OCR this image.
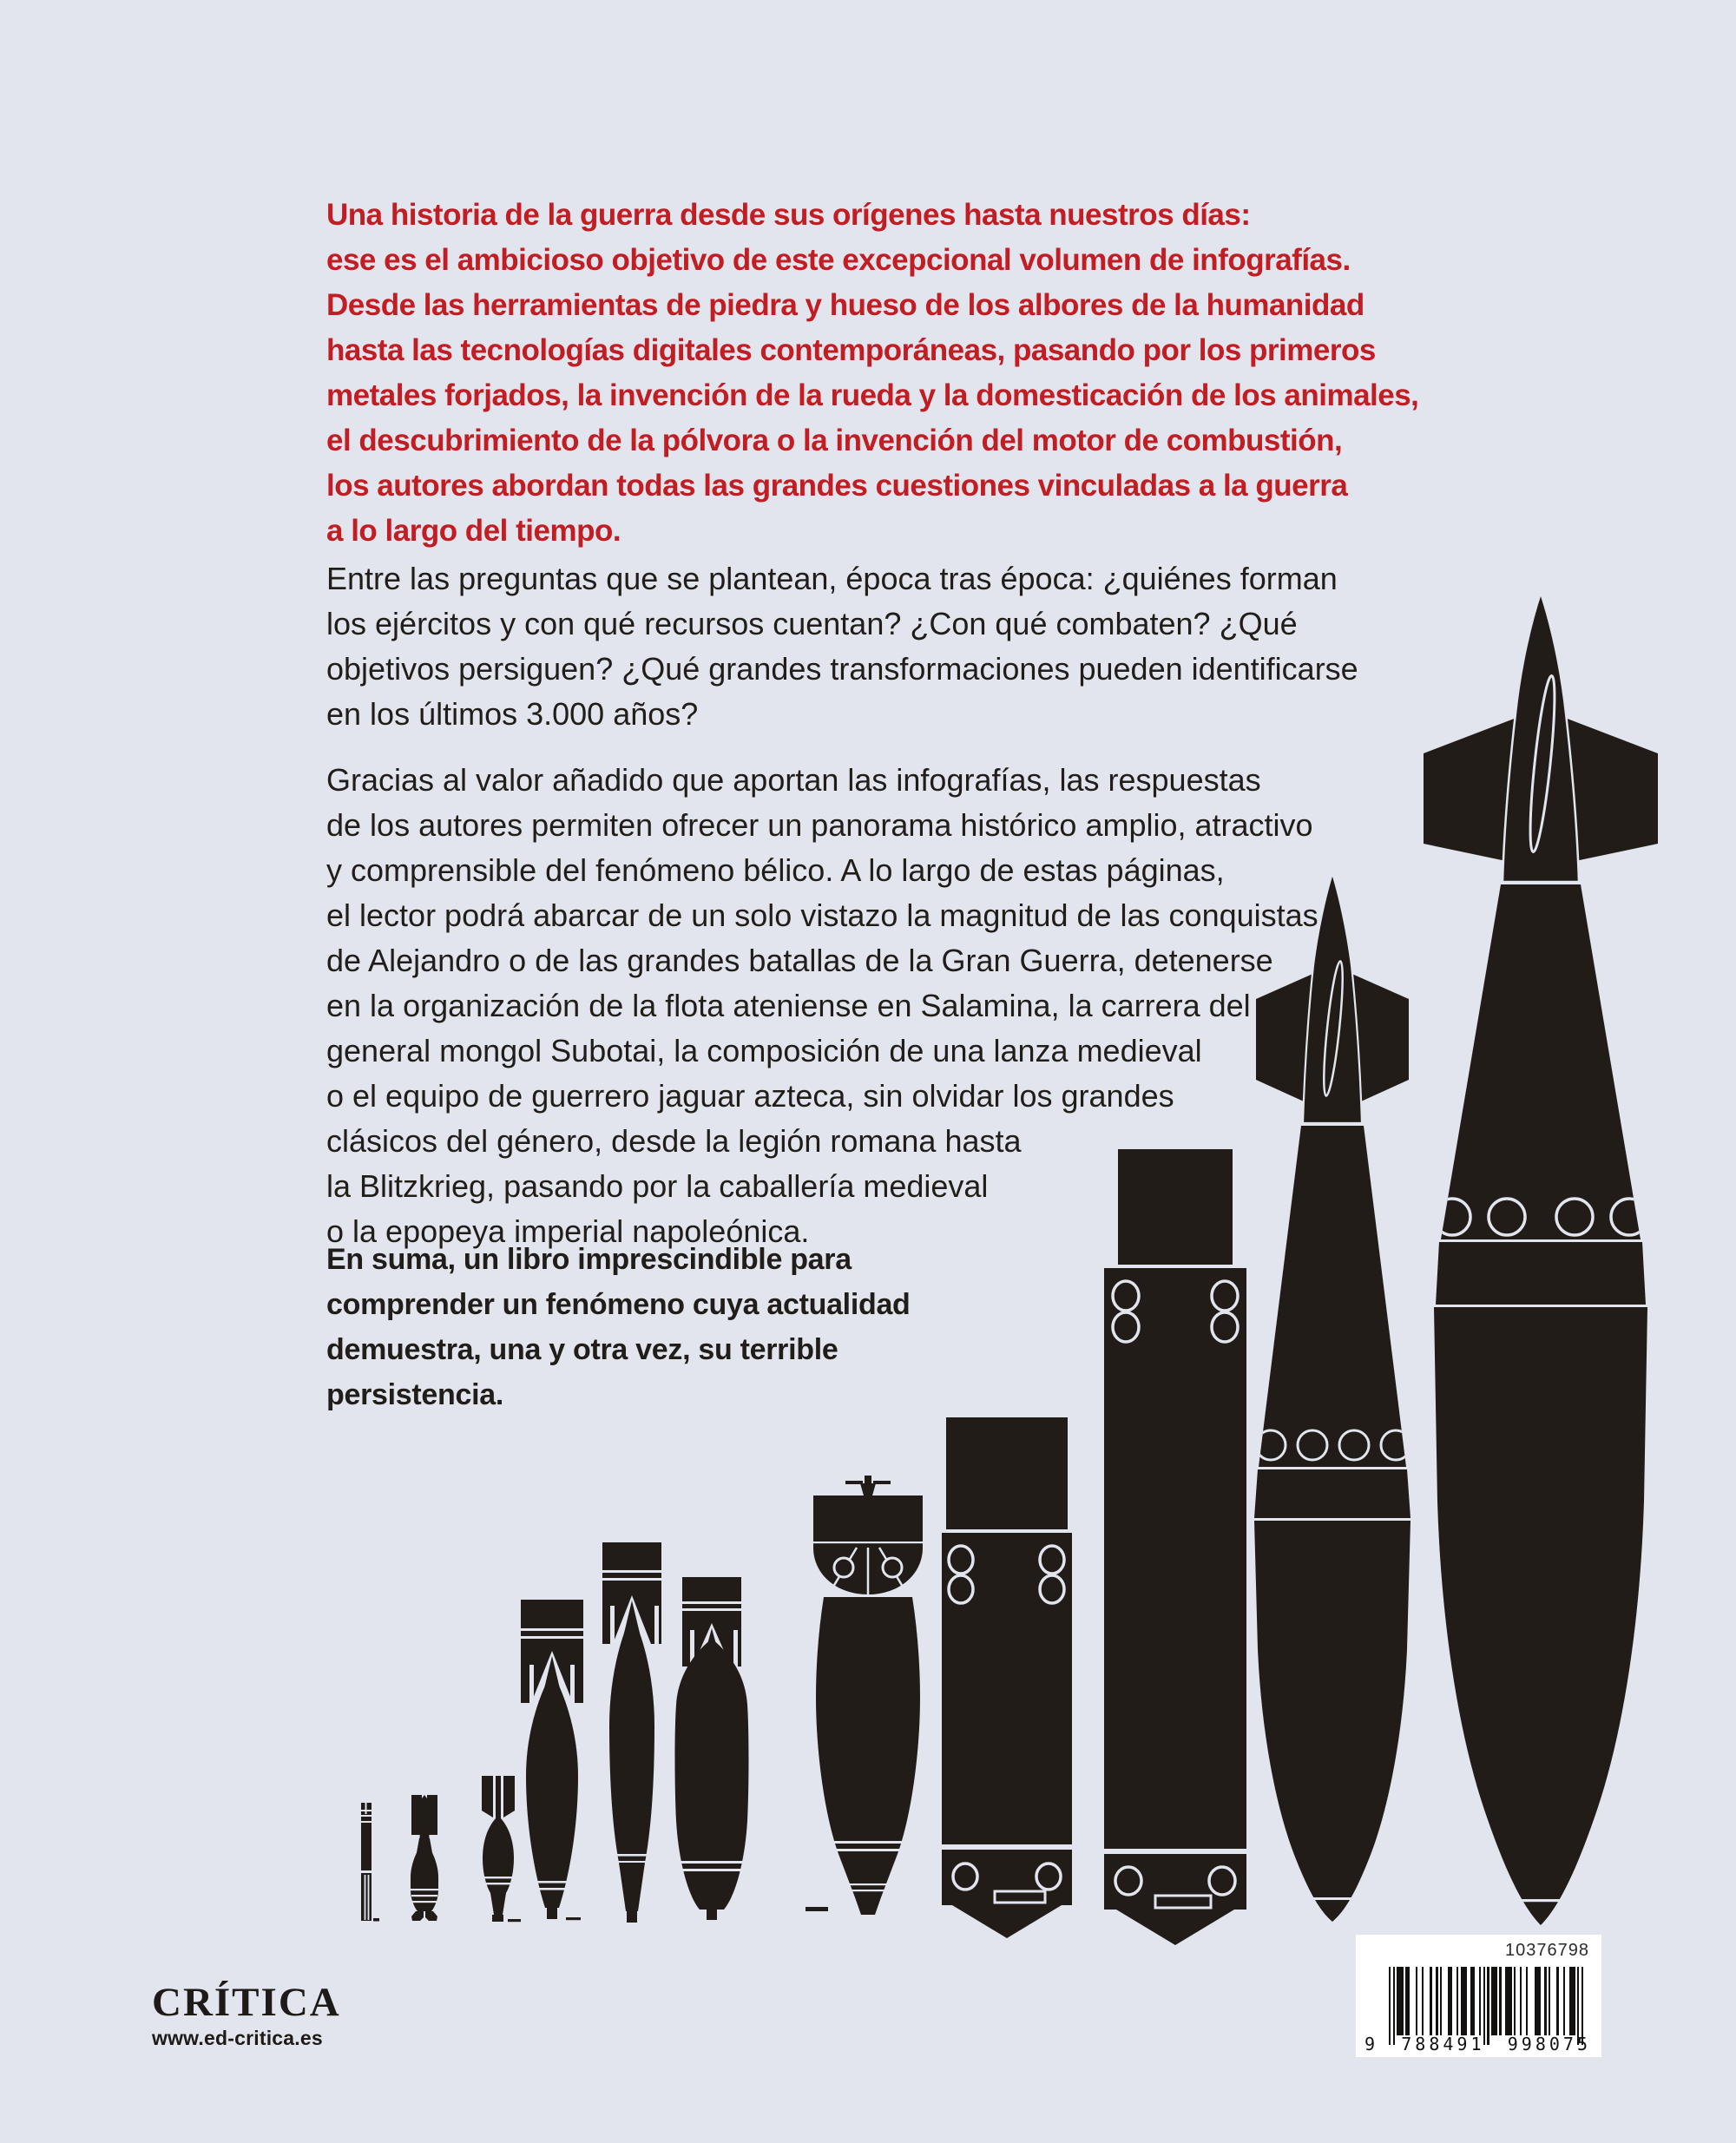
Una historia de la guerra desde sus orígenes hasta nuestros días:
ese es el ambicioso objetivo de este excepcional volumen de infografías.
Desde las herramientas de piedra y hueso de los albores de la humanidad
hasta las tecnologías digitales contemporáneas, pasando por los primeros
metales forjados, la invención de la rueda y la domesticación de los animales,
el descubrimiento de la pólvora o la invención del motor de combustión,
los autores abordan todas las grandes cuestiones vinculadas a la guerra
a lo largo del tiempo.
Entre las preguntas que se plantean, época tras época: ¿quiénes forman
los ejércitos y con qué recursos cuentan? ¿Con qué combaten? ¿Qué
objetivos persiguen? ¿Qué grandes transformaciones pueden identificarse
en los últimos 3.000 años?
Gracias al valor añadido que aportan las infografías, las respuestas
de los autores permiten ofrecer un panorama histórico amplio, atractivo
y comprensible del fenómeno bélico. A lo largo de estas páginas,
el lector podrá abarcar de un solo vistazo la magnitud de las conquistas
de Alejandro o de las grandes batallas de la Gran Guerra, detenerse
en la organización de la flota ateniense en Salamina, la carrera del
general mongol Subotai, la composición de una lanza medieval
o el equipo de guerrero jaguar azteca, sin olvidar los grandes
clásicos del género, desde la legión romana hasta
la Blitzkrieg, pasando por la caballería medieval
o la epopeya imperial napoleónica.
En suma, un libro imprescindible para
comprender un fenómeno cuya actualidad
demuestra, una y otra vez, su terrible
persistencia.
CRÍTICA
www.ed-critica.es
10376798
9 788491 998075
